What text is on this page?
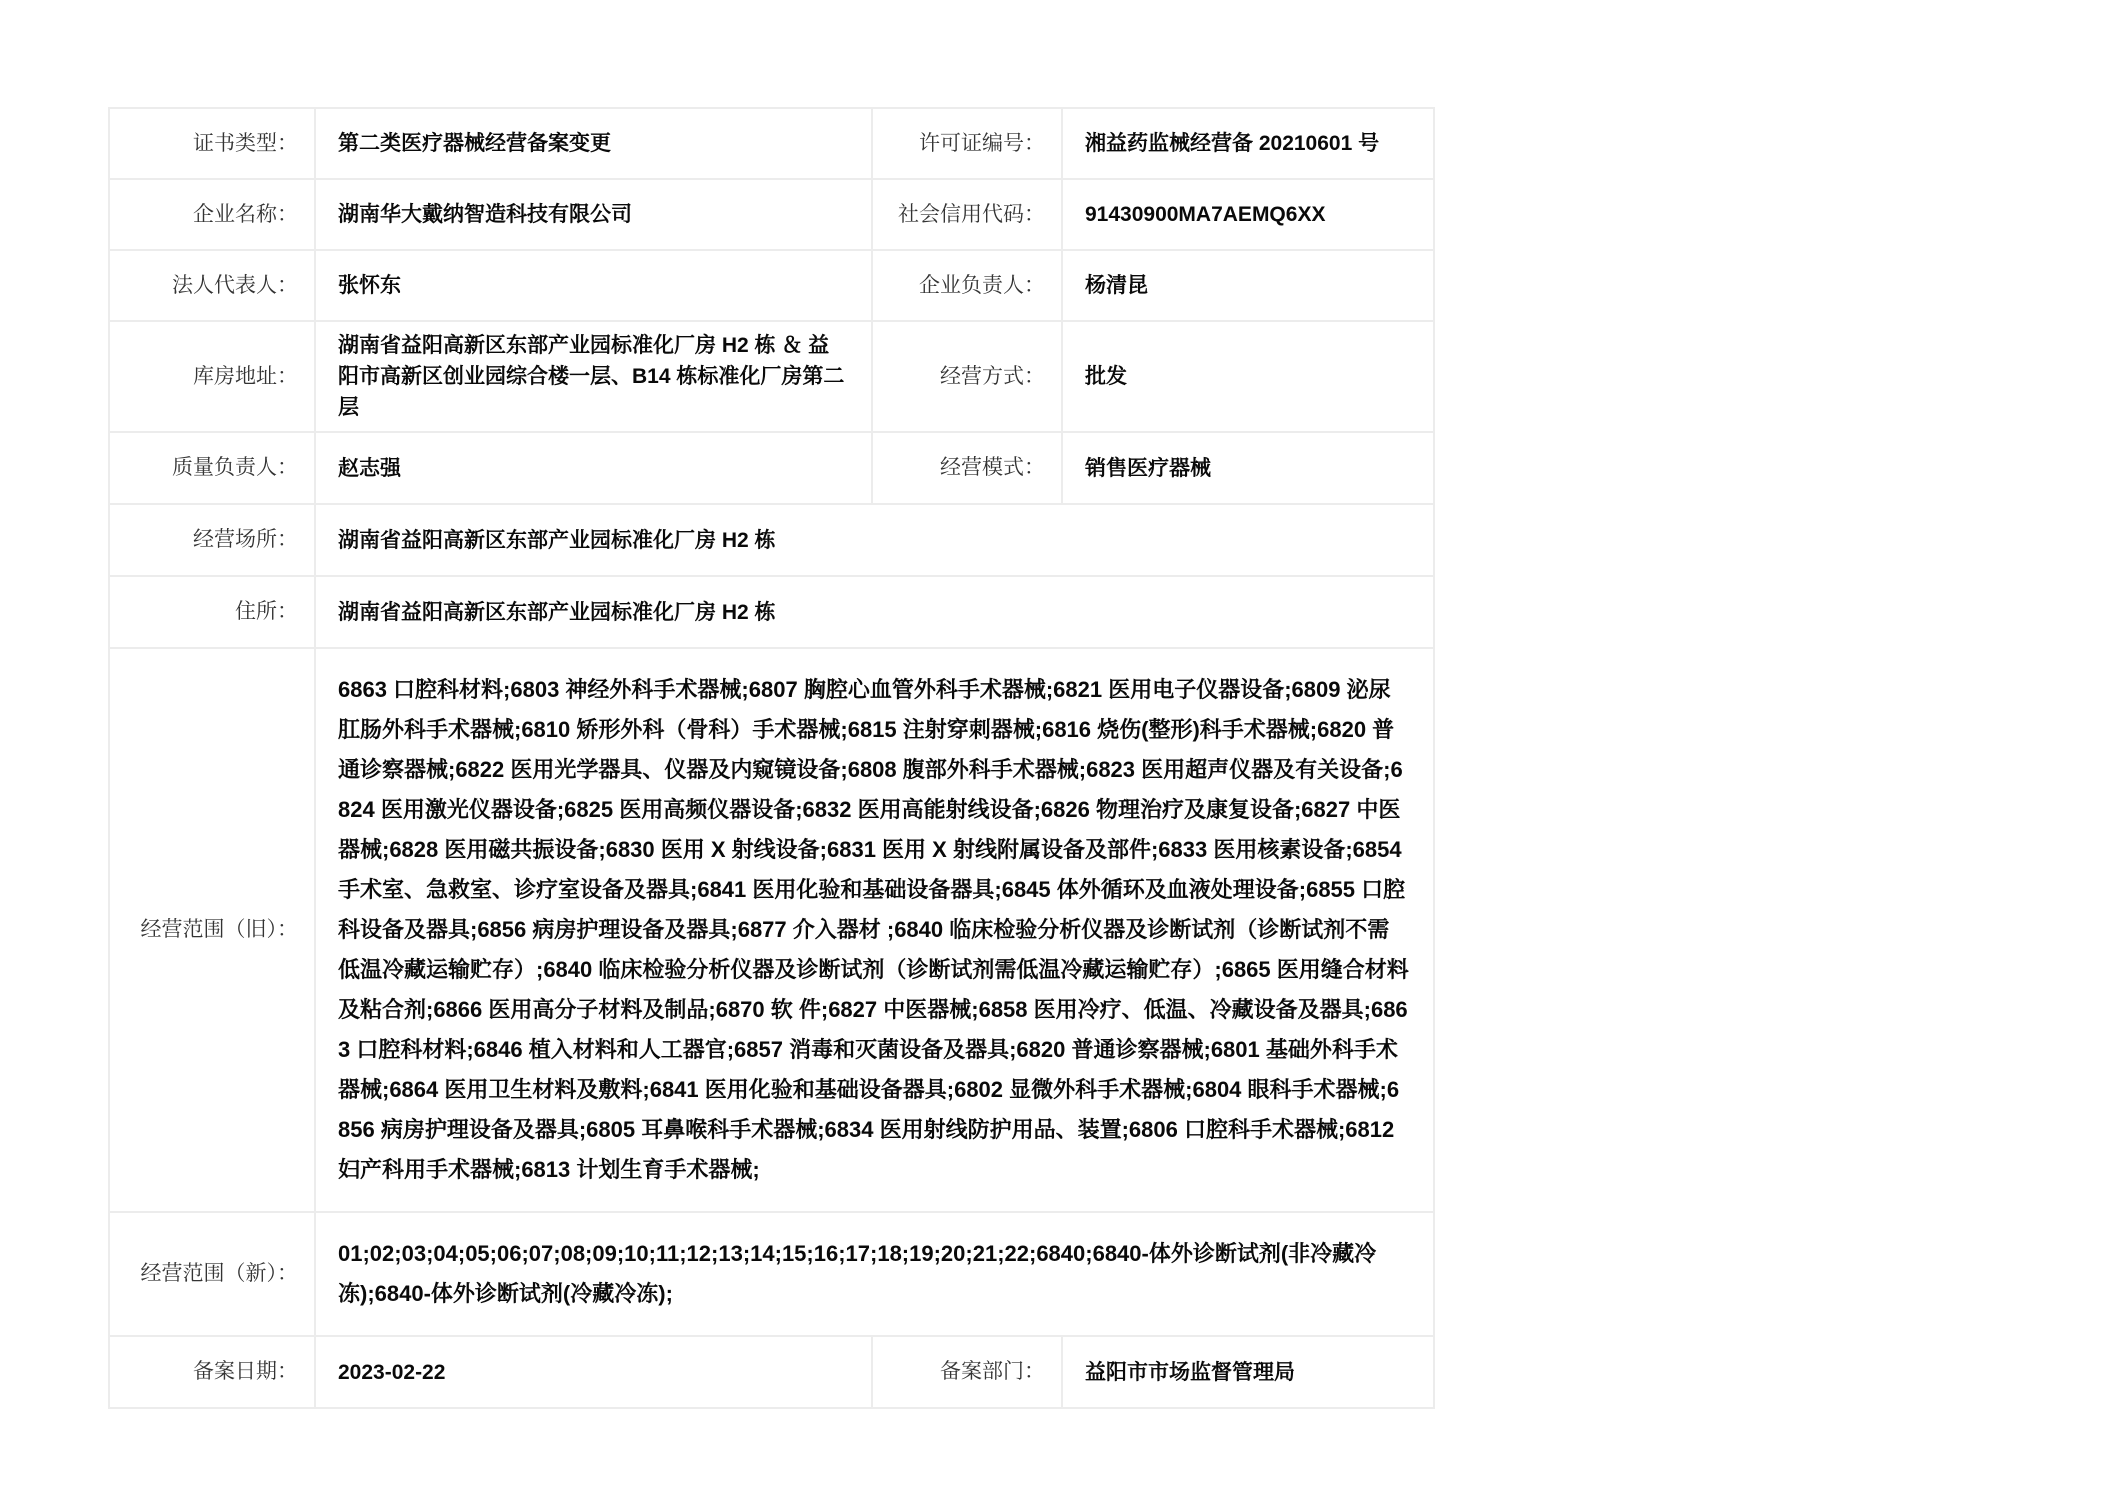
证书类型：	第二类医疗器械经营备案变更	许可证编号：	湘益药监械经营备 20210601 号
企业名称：	湖南华大戴纳智造科技有限公司	社会信用代码：	91430900MA7AEMQ6XX
法人代表人：	张怀东	企业负责人：	杨清昆
库房地址：	湖南省益阳高新区东部产业园标准化厂房 H2 栋 ＆ 益阳市高新区创业园综合楼一层、B14 栋标准化厂房第二层	经营方式：	批发
质量负责人：	赵志强	经营模式：	销售医疗器械
经营场所：	湖南省益阳高新区东部产业园标准化厂房 H2 栋		
住所：	湖南省益阳高新区东部产业园标准化厂房 H2 栋		
经营范围（旧）：	6863 口腔科材料;6803 神经外科手术器械;6807 胸腔心血管外科手术器械;6821 医用电子仪器设备;6809 泌尿肛肠外科手术器械;6810 矫形外科（骨科）手术器械;6815 注射穿刺器械;6816 烧伤(整形)科手术器械;6820 普通诊察器械;6822 医用光学器具、仪器及内窥镜设备;6808 腹部外科手术器械;6823 医用超声仪器及有关设备;6824 医用激光仪器设备;6825 医用高频仪器设备;6832 医用高能射线设备;6826 物理治疗及康复设备;6827 中医器械;6828 医用磁共振设备;6830 医用 X 射线设备;6831 医用 X 射线附属设备及部件;6833 医用核素设备;6854 手术室、急救室、诊疗室设备及器具;6841 医用化验和基础设备器具;6845 体外循环及血液处理设备;6855 口腔科设备及器具;6856 病房护理设备及器具;6877 介入器材 ;6840 临床检验分析仪器及诊断试剂（诊断试剂不需低温冷藏运输贮存）;6840 临床检验分析仪器及诊断试剂（诊断试剂需低温冷藏运输贮存）;6865 医用缝合材料及粘合剂;6866 医用高分子材料及制品;6870 软 件;6827 中医器械;6858 医用冷疗、低温、冷藏设备及器具;6863 口腔科材料;6846 植入材料和人工器官;6857 消毒和灭菌设备及器具;6820 普通诊察器械;6801 基础外科手术器械;6864 医用卫生材料及敷料;6841 医用化验和基础设备器具;6802 显微外科手术器械;6804 眼科手术器械;6856 病房护理设备及器具;6805 耳鼻喉科手术器械;6834 医用射线防护用品、装置;6806 口腔科手术器械;6812 妇产科用手术器械;6813 计划生育手术器械;		
经营范围（新）：	01;02;03;04;05;06;07;08;09;10;11;12;13;14;15;16;17;18;19;20;21;22;6840;6840-体外诊断试剂(非冷藏冷冻);6840-体外诊断试剂(冷藏冷冻);		
备案日期：	2023-02-22	备案部门：	益阳市市场监督管理局
